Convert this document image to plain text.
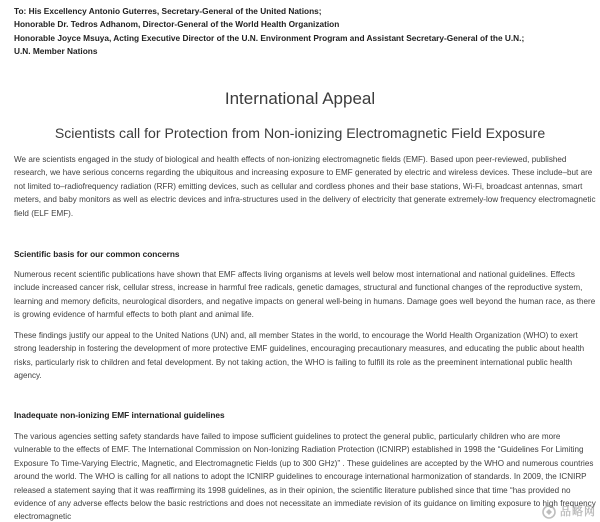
To: His Excellency Antonio Guterres, Secretary-General of the United Nations;
Honorable Dr. Tedros Adhanom, Director-General of the World Health Organization
Honorable Joyce Msuya, Acting Executive Director of the U.N. Environment Program and Assistant Secretary-General of the U.N.;
U.N. Member Nations
International Appeal
Scientists call for Protection from Non-ionizing Electromagnetic Field Exposure

We are scientists engaged in the study of biological and health effects of non-ionizing electromagnetic fields (EMF). Based upon peer-reviewed, published research, we have serious concerns regarding the ubiquitous and increasing exposure to EMF generated by electric and wireless devices. These include–but are not limited to–radiofrequency radiation (RFR) emitting devices, such as cellular and cordless phones and their base stations, Wi-Fi, broadcast antennas, smart meters, and baby monitors as well as electric devices and infra-structures used in the delivery of electricity that generate extremely-low frequency electromagnetic field (ELF EMF).

Scientific basis for our common concerns

Numerous recent scientific publications have shown that EMF affects living organisms at levels well below most international and national guidelines. Effects include increased cancer risk, cellular stress, increase in harmful free radicals, genetic damages, structural and functional changes of the reproductive system, learning and memory deficits, neurological disorders, and negative impacts on general well-being in humans. Damage goes well beyond the human race, as there is growing evidence of harmful effects to both plant and animal life.

These findings justify our appeal to the United Nations (UN) and, all member States in the world, to encourage the World Health Organization (WHO) to exert strong leadership in fostering the development of more protective EMF guidelines, encouraging precautionary measures, and educating the public about health risks, particularly risk to children and fetal development. By not taking action, the WHO is failing to fulfill its role as the preeminent international public health agency.

Inadequate non-ionizing EMF international guidelines

The various agencies setting safety standards have failed to impose sufficient guidelines to protect the general public, particularly children who are more vulnerable to the effects of EMF. The International Commission on Non-Ionizing Radiation Protection (ICNIRP) established in 1998 the “Guidelines For Limiting Exposure To Time-Varying Electric, Magnetic, and Electromagnetic Fields (up to 300 GHz)” . These guidelines are accepted by the WHO and numerous countries around the world. The WHO is calling for all nations to adopt the ICNIRP guidelines to encourage international harmonization of standards. In 2009, the ICNIRP released a statement saying that it was reaffirming its 1998 guidelines, as in their opinion, the scientific literature published since that time “has provided no evidence of any adverse effects below the basic restrictions and does not necessitate an immediate revision of its guidance on limiting exposure to high frequency electromagnetic	品略网
